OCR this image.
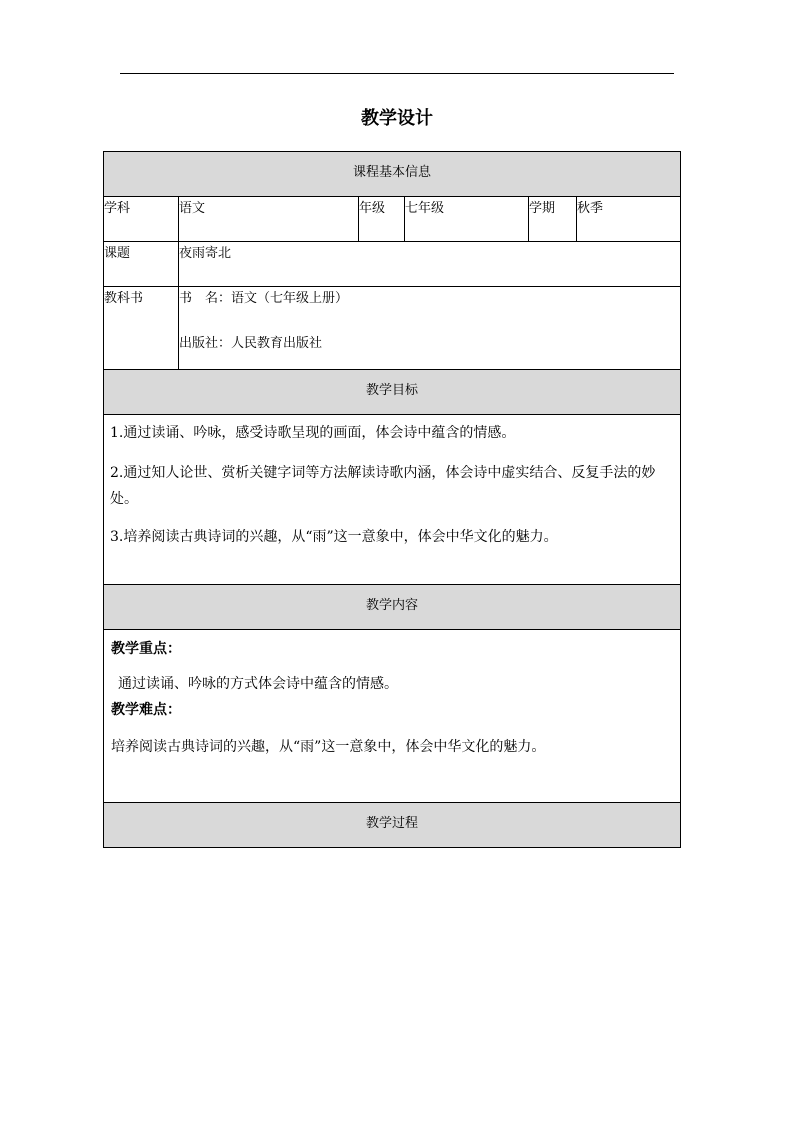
教学设计
课程基本信息					

学科	语文	年级	七年级	学期	秋季
课题	夜雨寄北				
教科书	书　名：语文（七年级上册）
出版社：人民教育出版社				

教学目标					

1.通过读诵、吟咏，感受诗歌呈现的画面，体会诗中蕴含的情感。
2.通过知人论世、赏析关键字词等方法解读诗歌内涵，体会诗中虚实结合、反复手法的妙处。
3.培养阅读古典诗词的兴趣，从“雨”这一意象中，体会中华文化的魅力。					

教学内容					

教学重点：
通过读诵、吟咏的方式体会诗中蕴含的情感。
教学难点：
培养阅读古典诗词的兴趣，从“雨”这一意象中，体会中华文化的魅力。					

教学过程					
